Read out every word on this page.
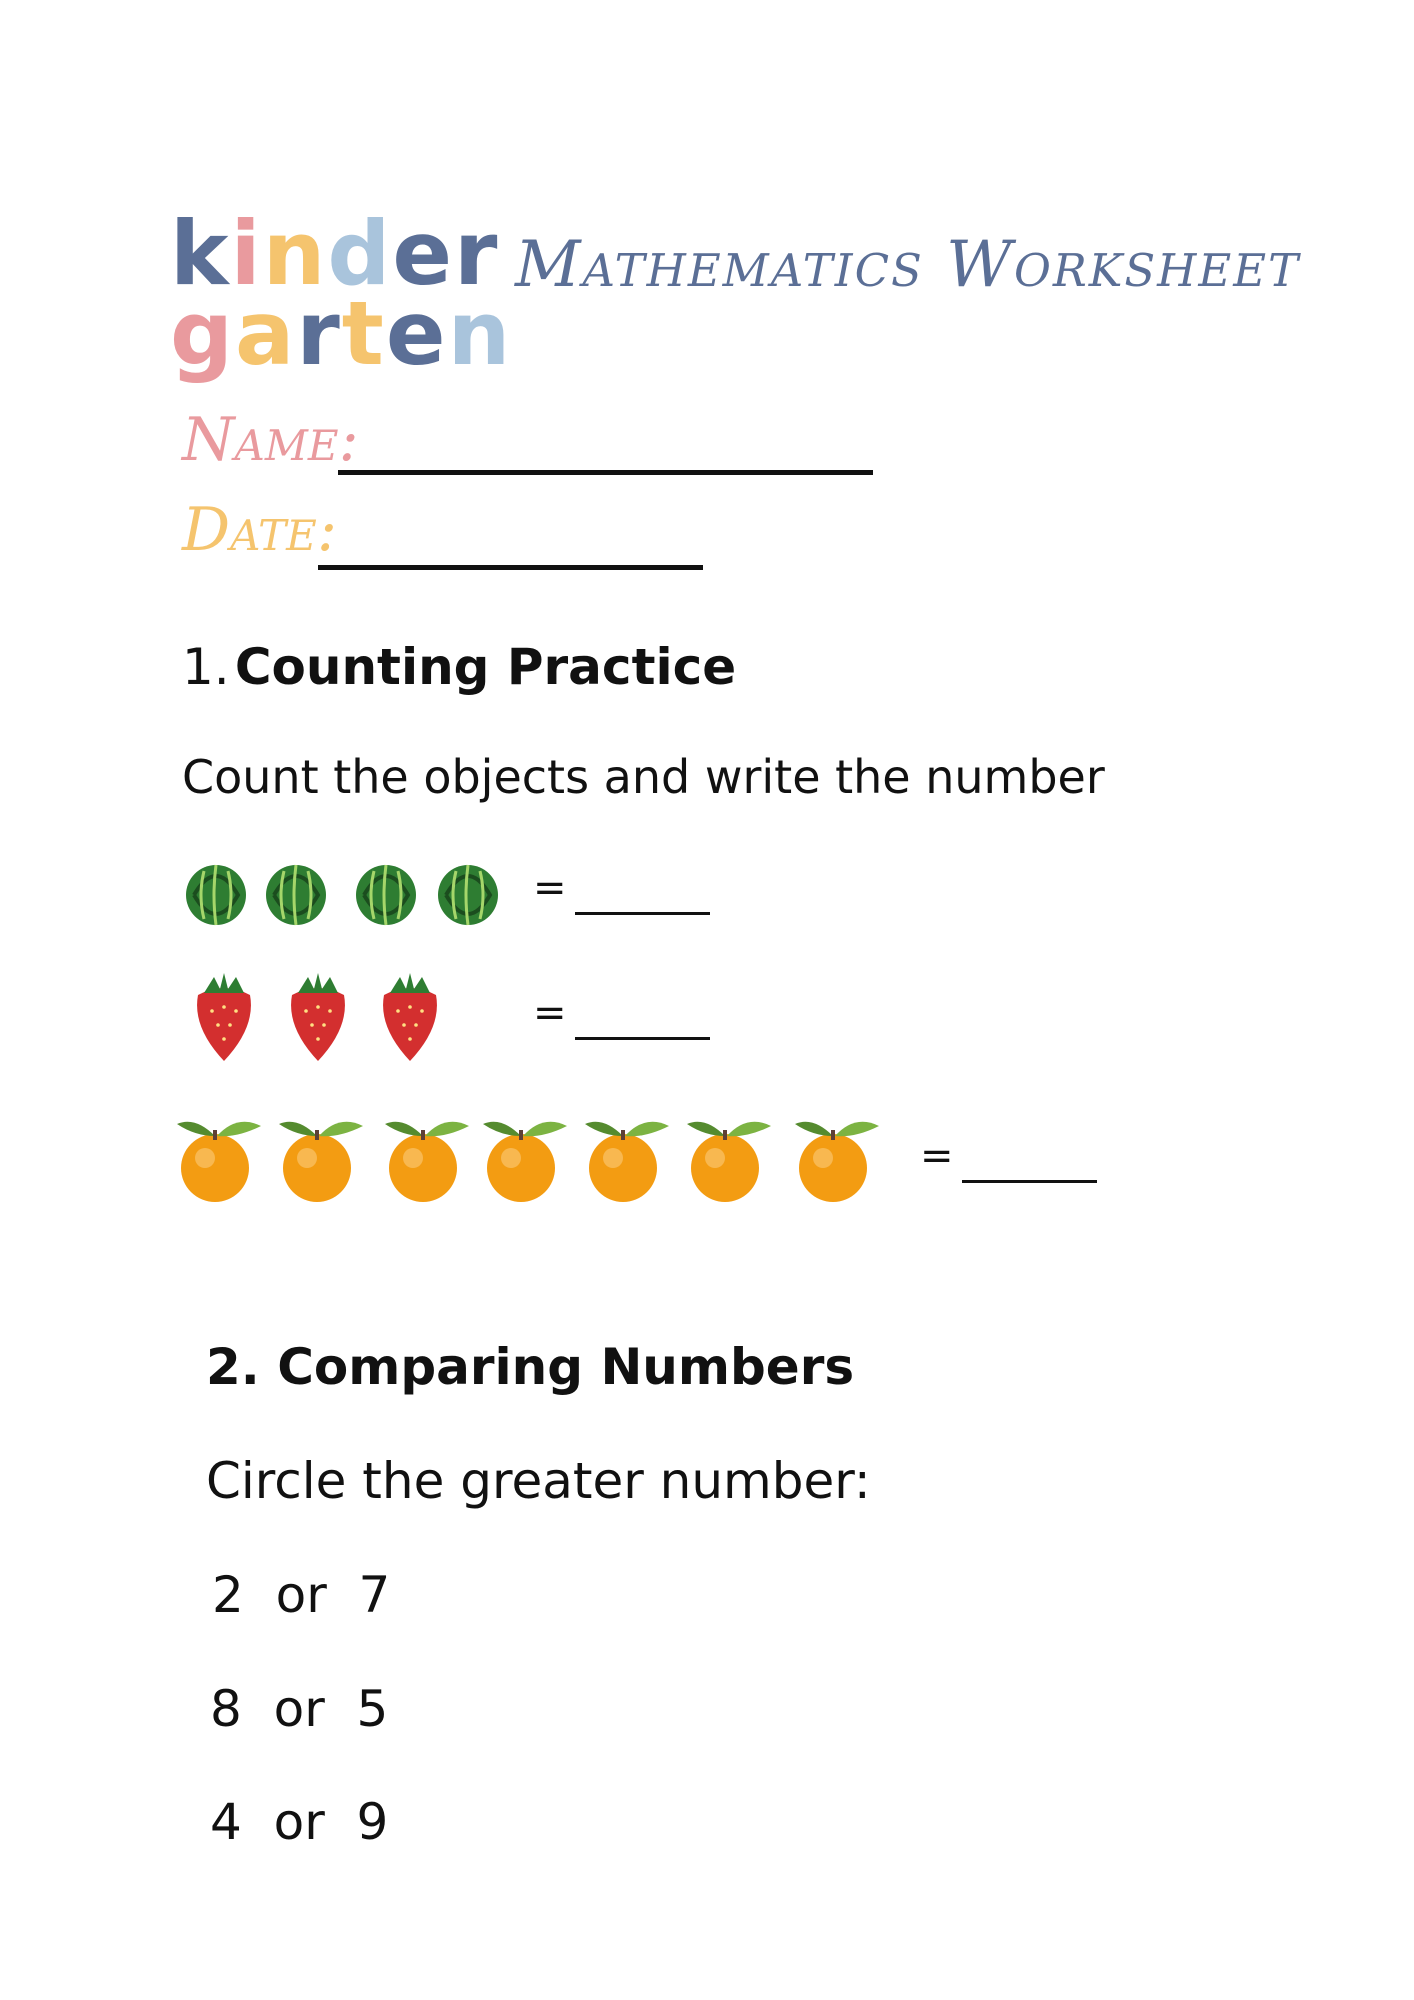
kinder
garten
Mathematics Worksheet
Name:
Date:
1. Counting Practice
Count the objects and write the number
=
=
=
2. Comparing Numbers
Circle the greater number:
2  or  7
8  or  5
4  or  9
